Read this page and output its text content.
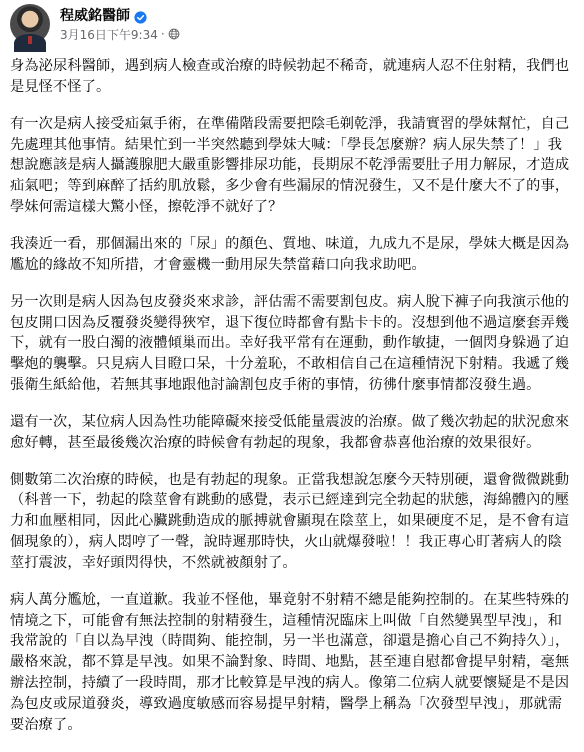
程威銘醫師
3月16日下午9:34 ·

身為泌尿科醫師，遇到病人檢查或治療的時候勃起不稀奇，就連病人忍不住射精，我們也是見怪不怪了。

有一次是病人接受疝氣手術，在準備階段需要把陰毛剃乾淨，我請實習的學妹幫忙，自己先處理其他事情。結果忙到一半突然聽到學妹大喊：「學長怎麼辦？病人尿失禁了！」我想說應該是病人攝護腺肥大嚴重影響排尿功能，長期尿不乾淨需要肚子用力解尿，才造成疝氣吧；等到麻醉了括約肌放鬆，多少會有些漏尿的情況發生，又不是什麼大不了的事，學妹何需這樣大驚小怪，擦乾淨不就好了？

我湊近一看，那個漏出來的「尿」的顏色、質地、味道，九成九不是尿，學妹大概是因為尷尬的緣故不知所措，才會靈機一動用尿失禁當藉口向我求助吧。

另一次則是病人因為包皮發炎來求診，評估需不需要割包皮。病人脫下褲子向我演示他的包皮開口因為反覆發炎變得狹窄，退下復位時都會有點卡卡的。沒想到他不過這麼套弄幾下，就有一股白濁的液體傾巢而出。幸好我平常有在運動，動作敏捷，一個閃身躲過了迫擊炮的襲擊。只見病人目瞪口呆，十分羞恥，不敢相信自己在這種情況下射精。我遞了幾張衛生紙給他，若無其事地跟他討論割包皮手術的事情，彷彿什麼事情都沒發生過。

還有一次，某位病人因為性功能障礙來接受低能量震波的治療。做了幾次勃起的狀況愈來愈好轉，甚至最後幾次治療的時候會有勃起的現象，我都會恭喜他治療的效果很好。

側數第二次治療的時候，也是有勃起的現象。正當我想說怎麼今天特別硬，還會微微跳動（科普一下，勃起的陰莖會有跳動的感覺，表示已經達到完全勃起的狀態，海綿體內的壓力和血壓相同，因此心臟跳動造成的脈搏就會顯現在陰莖上，如果硬度不足，是不會有這個現象的），病人悶哼了一聲，說時遲那時快，火山就爆發啦！！我正專心盯著病人的陰莖打震波，幸好頭閃得快，不然就被顏射了。

病人萬分尷尬，一直道歉。我並不怪他，畢竟射不射精不總是能夠控制的。在某些特殊的情境之下，可能會有無法控制的射精發生，這種情況臨床上叫做「自然變異型早洩」，和我常說的「自以為早洩（時間夠、能控制，另一半也滿意，卻還是擔心自己不夠持久）」，嚴格來說，都不算是早洩。如果不論對象、時間、地點，甚至連自慰都會提早射精，毫無辦法控制，持續了一段時間，那才比較算是早洩的病人。像第二位病人就要懷疑是不是因為包皮或尿道發炎，導致過度敏感而容易提早射精，醫學上稱為「次發型早洩」，那就需要治療了。
